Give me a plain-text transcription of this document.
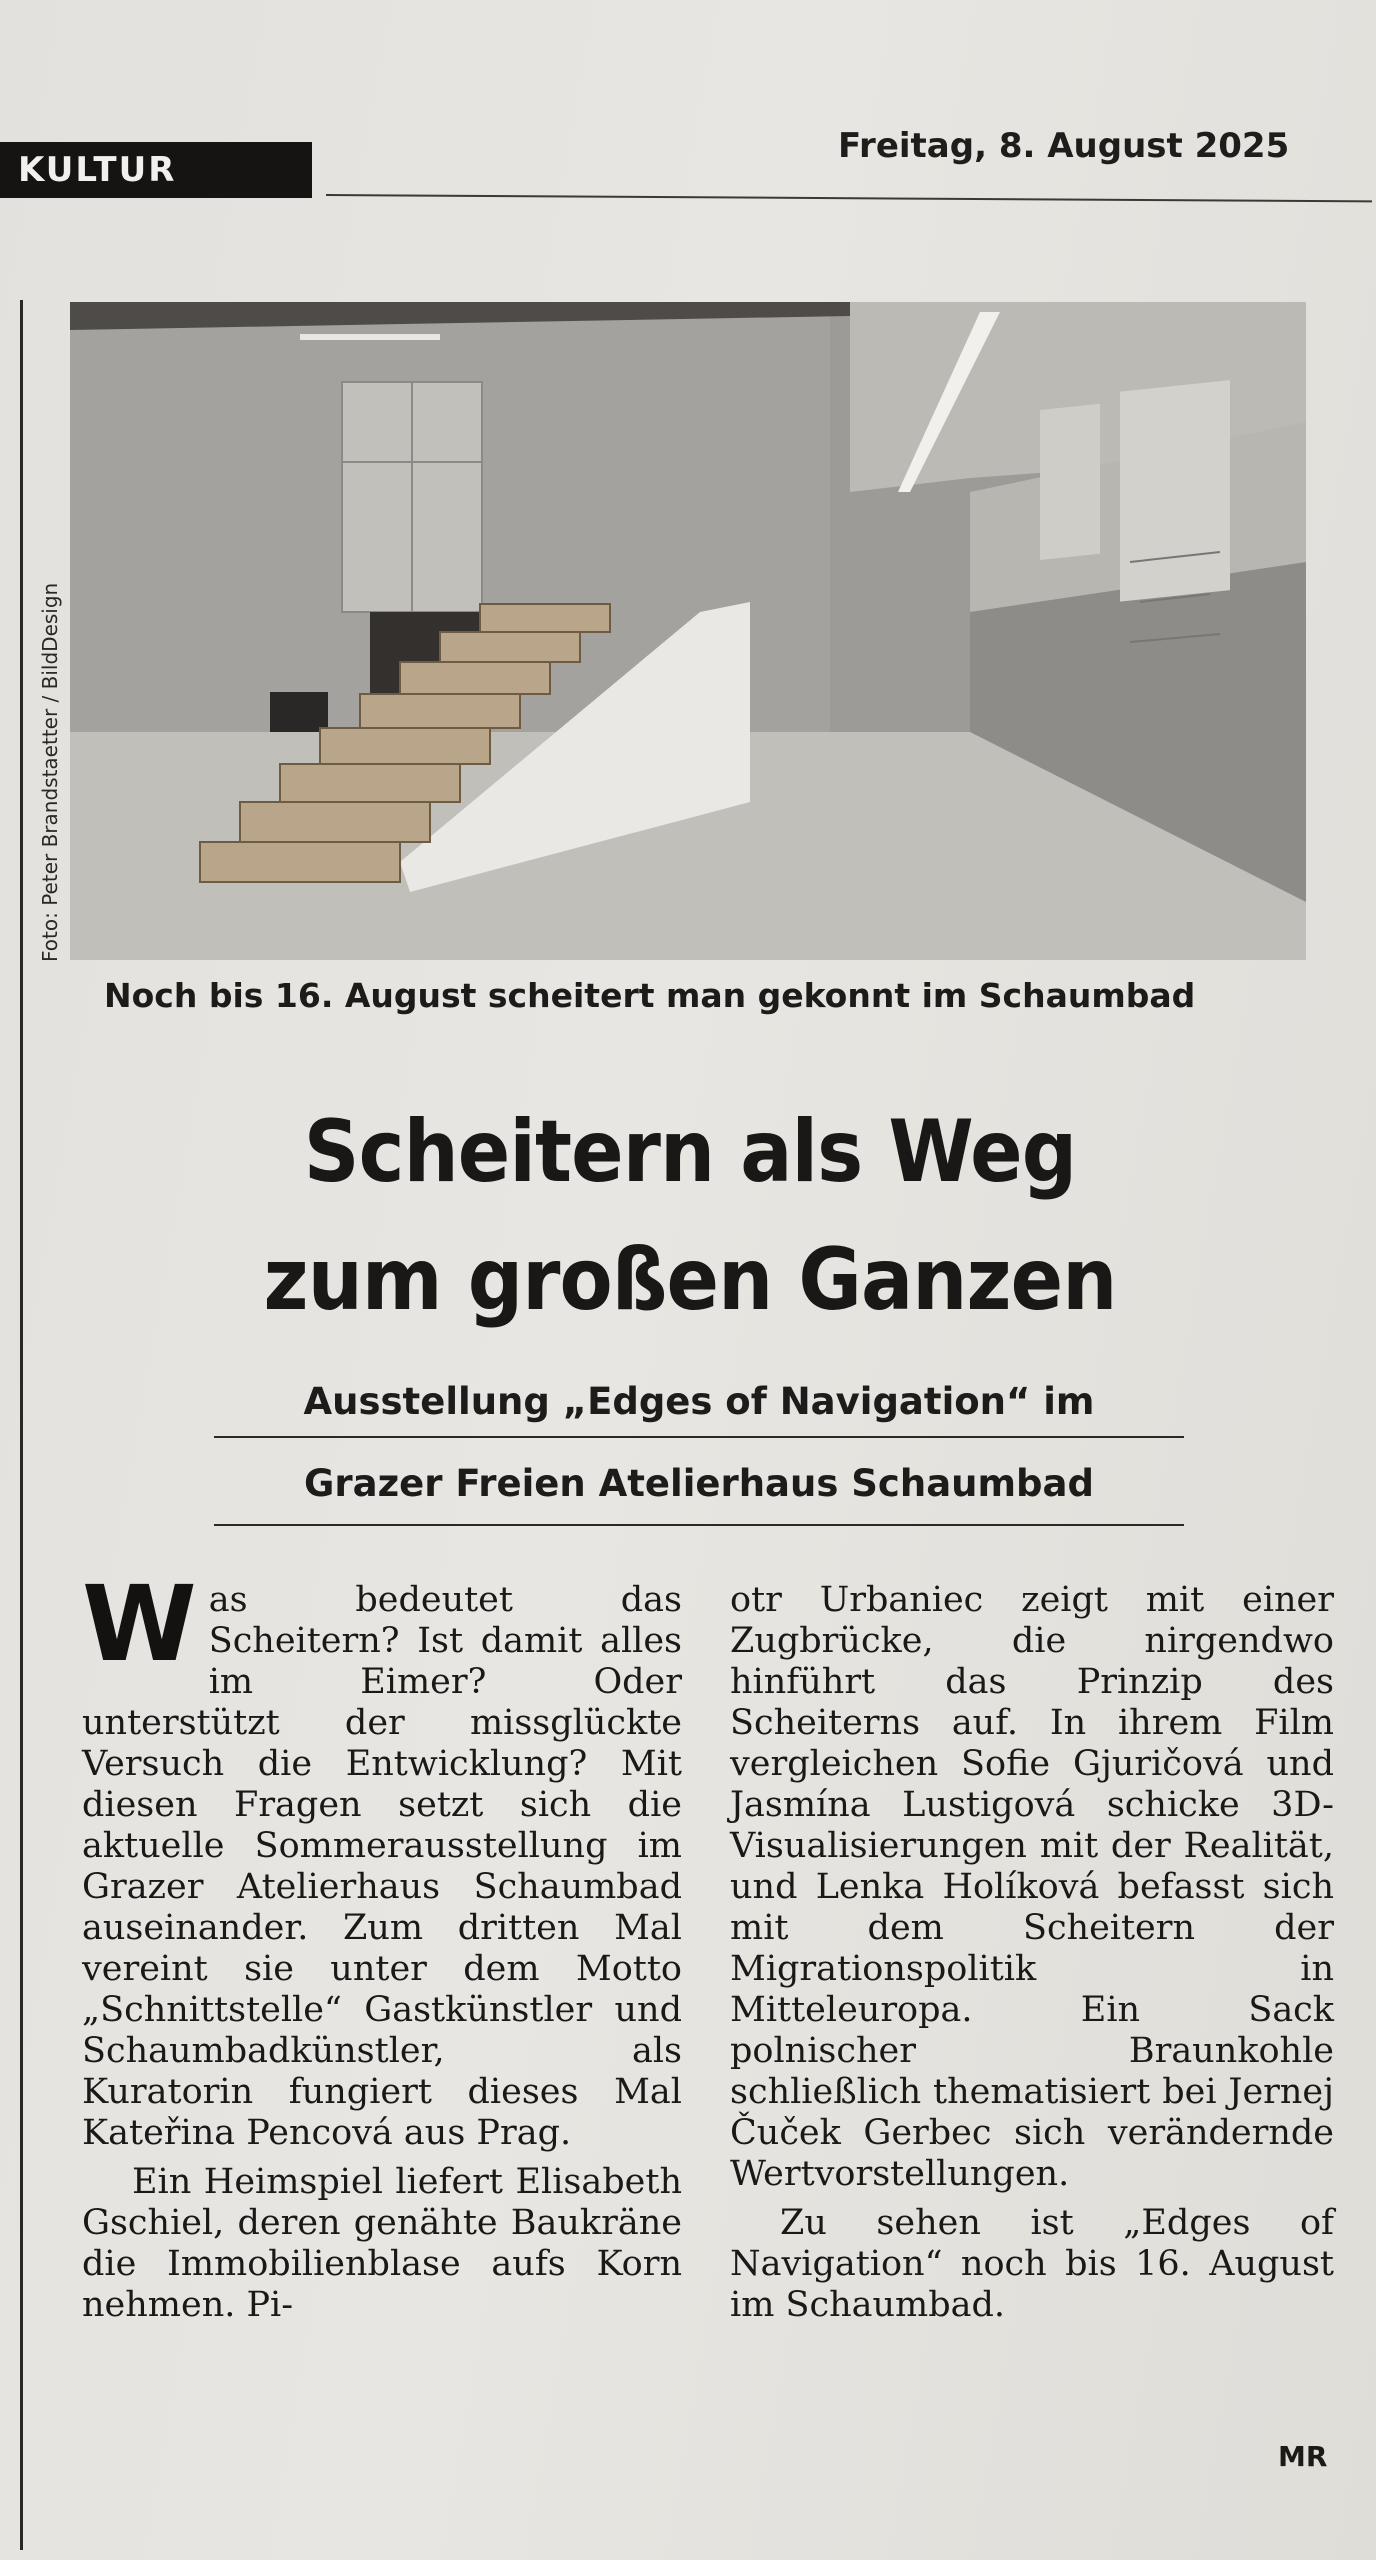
KULTUR
Freitag, 8. August 2025
Foto: Peter Brandstaetter / BildDesign
Noch bis 16. August scheitert man gekonnt im Schaumbad
Scheitern als Weg
zum großen Ganzen
Ausstellung „Edges of Navigation“ im
Grazer Freien Atelierhaus Schaumbad

Was bedeutet das Scheitern? Ist damit alles im Eimer? Oder unterstützt der missglückte Versuch die Entwicklung? Mit diesen Fragen setzt sich die aktuelle Sommerausstellung im Grazer Atelierhaus Schaumbad auseinander. Zum dritten Mal vereint sie unter dem Motto „Schnittstelle“ Gastkünstler und Schaumbadkünstler, als Kuratorin fungiert dieses Mal Kateřina Pencová aus Prag.

Ein Heimspiel liefert Elisabeth Gschiel, deren genähte Baukräne die Immobilienblase aufs Korn nehmen. Pi-

otr Urbaniec zeigt mit einer Zugbrücke, die nirgendwo hinführt das Prinzip des Scheiterns auf. In ihrem Film vergleichen Sofie Gjuričová und Jasmína Lustigová schicke 3D-Visualisierungen mit der Realität, und Lenka Holíková befasst sich mit dem Scheitern der Migrationspolitik in Mitteleuropa. Ein Sack polnischer Braunkohle schließlich thematisiert bei Jernej Čuček Gerbec sich verändernde Wertvorstellungen.

Zu sehen ist „Edges of Navigation“ noch bis 16. August im Schaumbad.

MR
